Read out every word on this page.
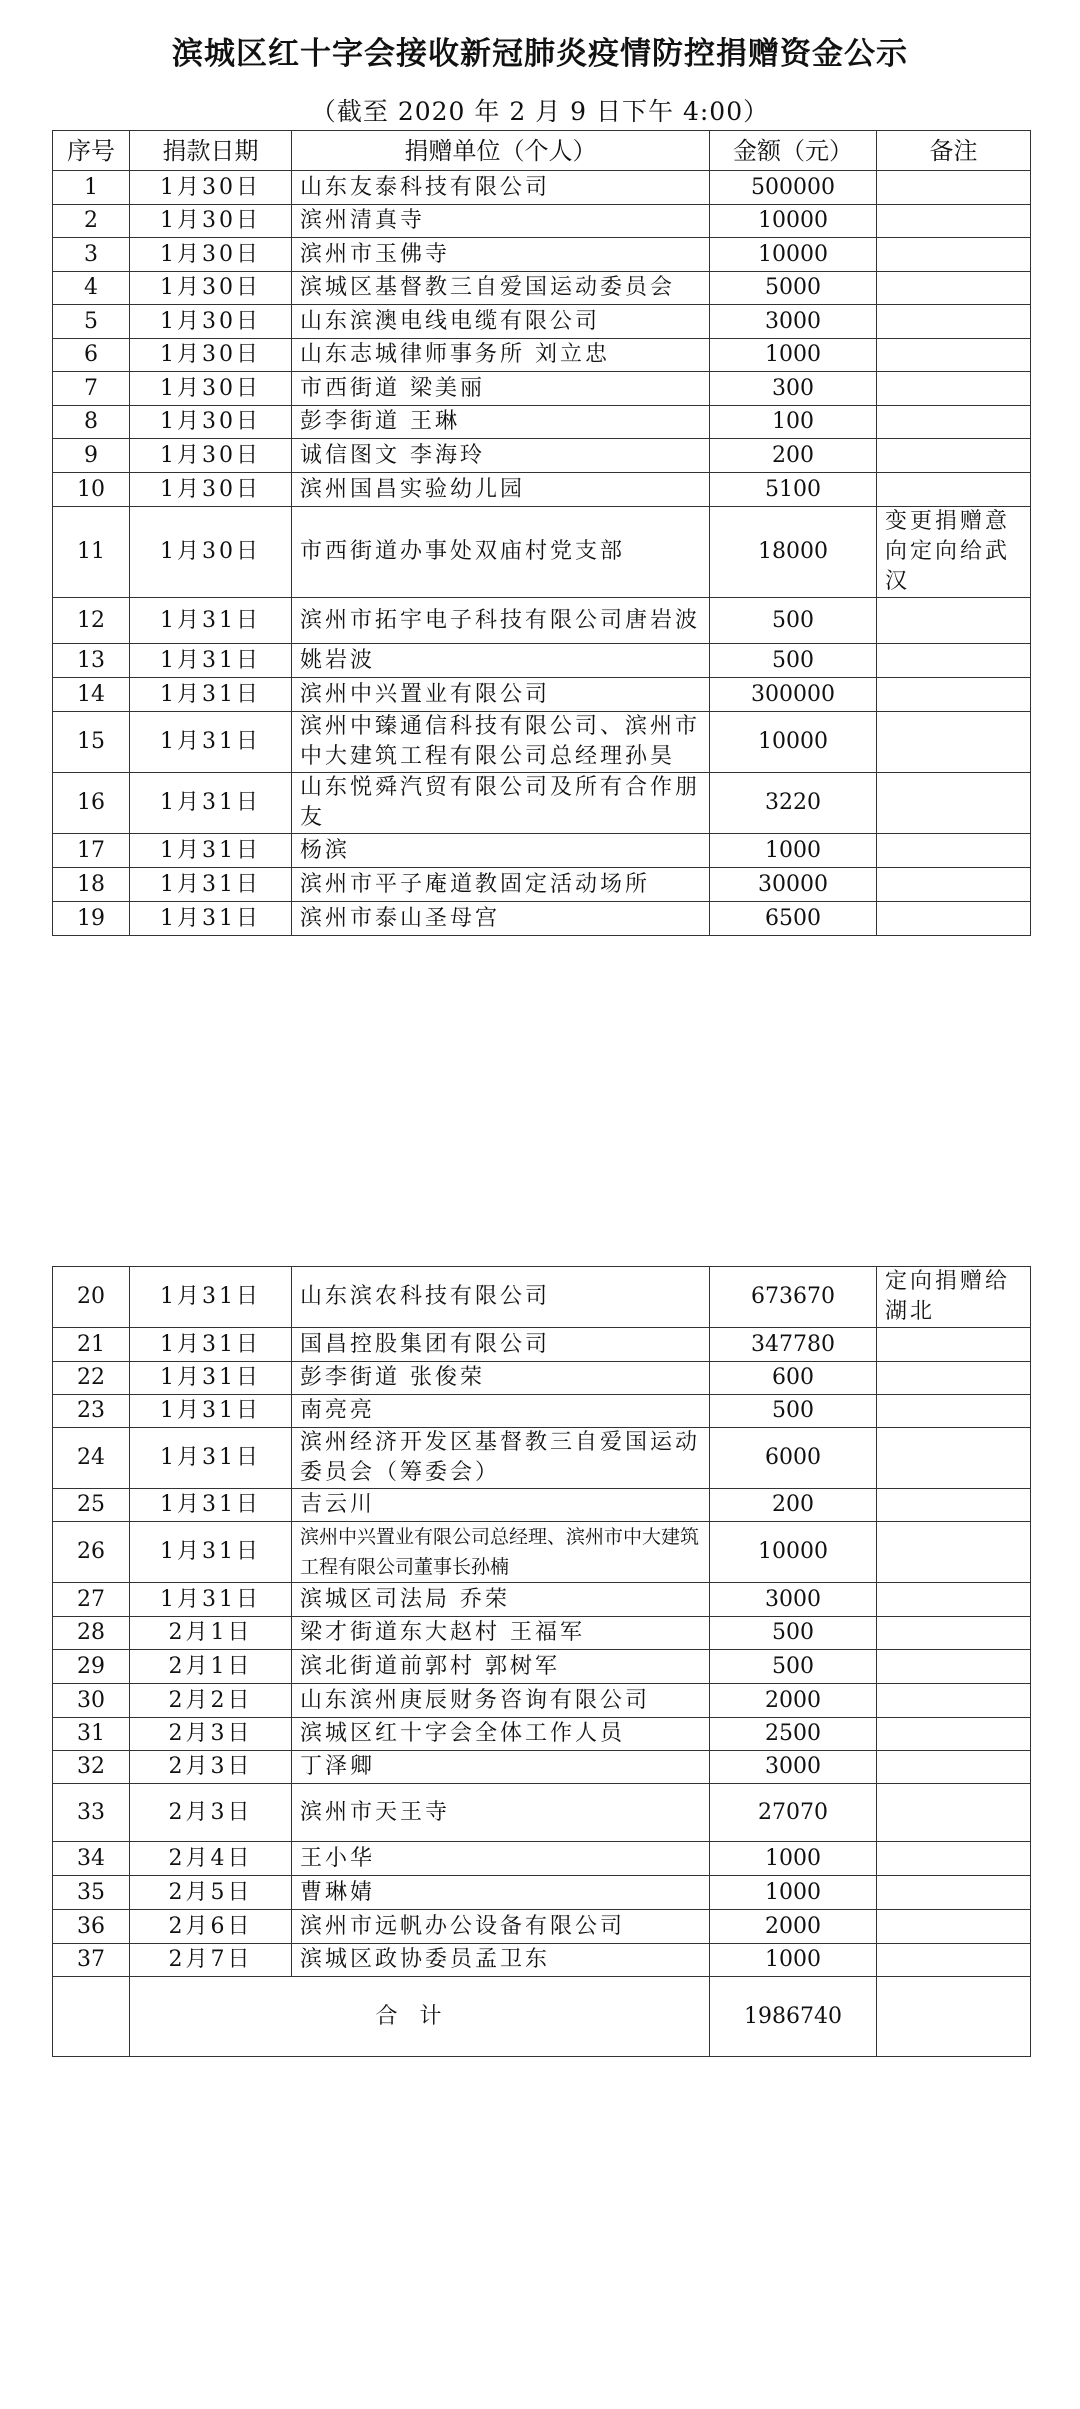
滨城区红十字会接收新冠肺炎疫情防控捐赠资金公示
（截至 2020 年 2 月 9 日下午 4:00）
序号	捐款日期	捐赠单位（个人）	金额（元）	备注
1	1月30日	山东友泰科技有限公司	500000	
2	1月30日	滨州清真寺	10000	
3	1月30日	滨州市玉佛寺	10000	
4	1月30日	滨城区基督教三自爱国运动委员会	5000	
5	1月30日	山东滨澳电线电缆有限公司	3000	
6	1月30日	山东志城律师事务所 刘立忠	1000	
7	1月30日	市西街道 梁美丽	300	
8	1月30日	彭李街道 王琳	100	
9	1月30日	诚信图文 李海玲	200	
10	1月30日	滨州国昌实验幼儿园	5100	
11	1月30日	市西街道办事处双庙村党支部	18000	变更捐赠意向定向给武汉
12	1月31日	滨州市拓宇电子科技有限公司唐岩波	500	
13	1月31日	姚岩波	500	
14	1月31日	滨州中兴置业有限公司	300000	
15	1月31日	滨州中臻通信科技有限公司、滨州市中大建筑工程有限公司总经理孙昊	10000	
16	1月31日	山东悦舜汽贸有限公司及所有合作朋友	3220	
17	1月31日	杨滨	1000	
18	1月31日	滨州市平子庵道教固定活动场所	30000	
19	1月31日	滨州市泰山圣母宫	6500	
20	1月31日	山东滨农科技有限公司	673670	定向捐赠给湖北
21	1月31日	国昌控股集团有限公司	347780	
22	1月31日	彭李街道 张俊荣	600	
23	1月31日	南亮亮	500	
24	1月31日	滨州经济开发区基督教三自爱国运动委员会（筹委会）	6000	
25	1月31日	吉云川	200	
26	1月31日	滨州中兴置业有限公司总经理、滨州市中大建筑工程有限公司董事长孙楠	10000	
27	1月31日	滨城区司法局 乔荣	3000	
28	2月1日	梁才街道东大赵村 王福军	500	
29	2月1日	滨北街道前郭村 郭树军	500	
30	2月2日	山东滨州庚辰财务咨询有限公司	2000	
31	2月3日	滨城区红十字会全体工作人员	2500	
32	2月3日	丁泽卿	3000	
33	2月3日	滨州市天王寺	27070	
34	2月4日	王小华	1000	
35	2月5日	曹琳婧	1000	
36	2月6日	滨州市远帆办公设备有限公司	2000	
37	2月7日	滨城区政协委员孟卫东	1000	
	合计		1986740	
